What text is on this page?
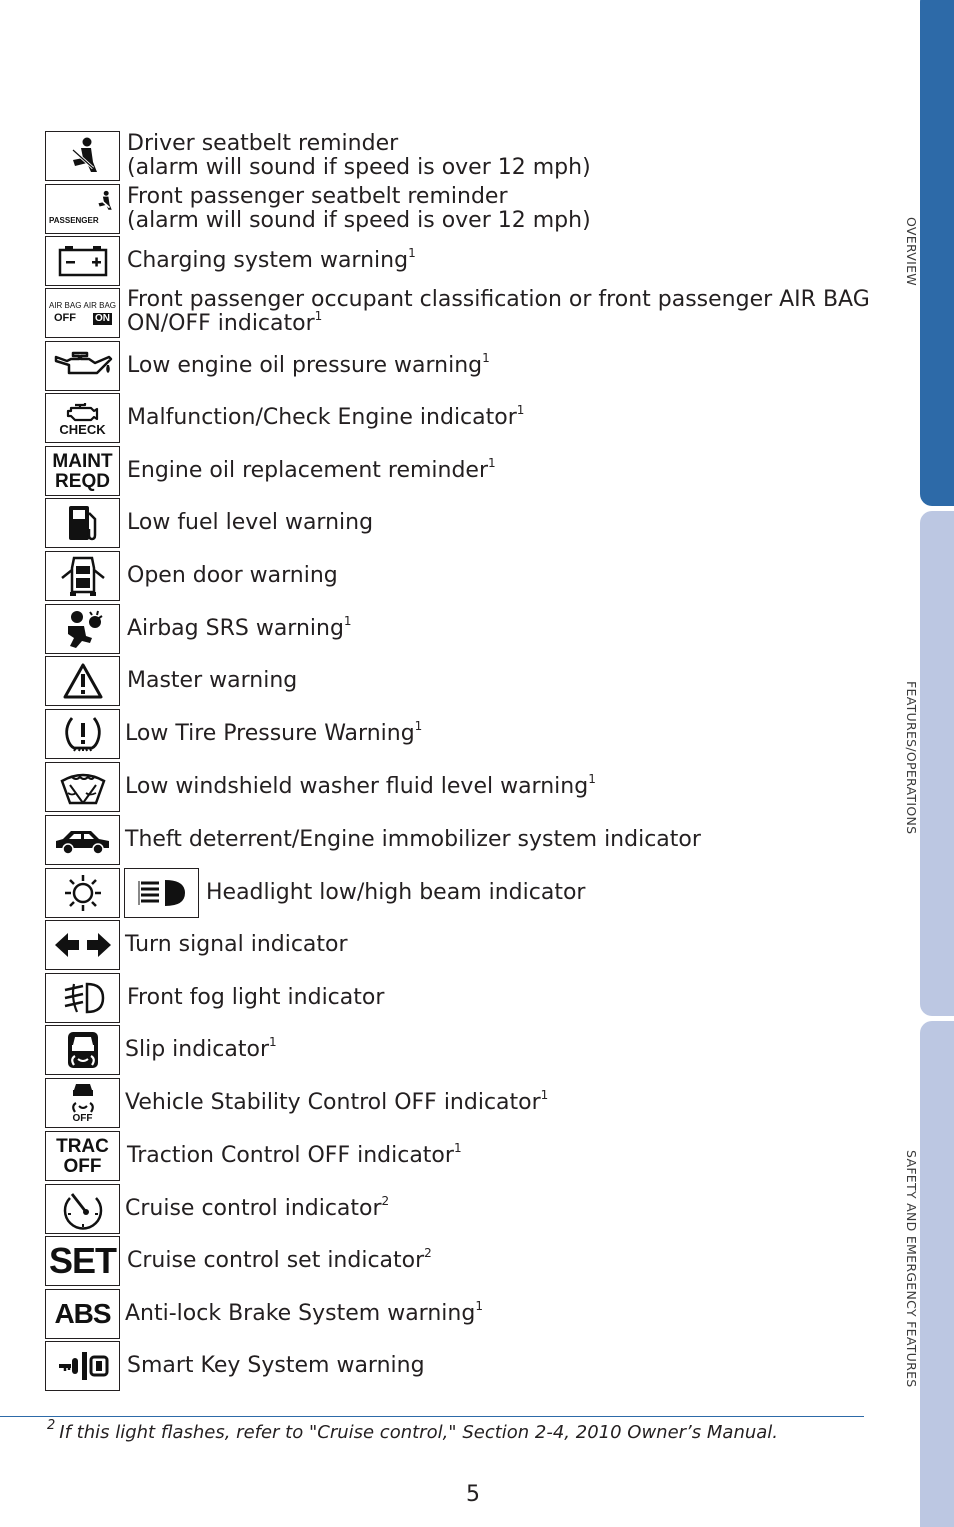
OVERVIEW
FEATURES/OPERATIONS
SAFETY AND EMERGENCY FEATURES
Driver seatbelt reminder
(alarm will sound if speed is over 12 mph)
PASSENGER
Front passenger seatbelt reminder
(alarm will sound if speed is over 12 mph)
Charging system warning$^1$
AIR BAG AIR BAG
OFF ON
Front passenger occupant classification or front passenger AIR BAG
ON/OFF indicator$^1$
Low engine oil pressure warning$^1$
CHECK Malfunction/Check Engine indicator$^1$
MAINT
REQD Engine oil replacement reminder$^1$
Low fuel level warning
Open door warning
Airbag SRS warning$^1$
Master warning
Low Tire Pressure Warning$^1$
Low windshield washer fluid level warning$^1$
Theft deterrent/Engine immobilizer system indicator
Headlight low/high beam indicator
Turn signal indicator
Front fog light indicator
Slip indicator$^1$
OFF
Vehicle Stability Control OFF indicator$^1$
TRAC
OFF Traction Control OFF indicator$^1$
Cruise control indicator$^2$
SET Cruise control set indicator$^2$
ABS Anti-lock Brake System warning$^1$
Smart Key System warning
$^2$ If this light flashes, refer to "Cruise control," Section 2-4, 2010 Owner’s Manual.
5
